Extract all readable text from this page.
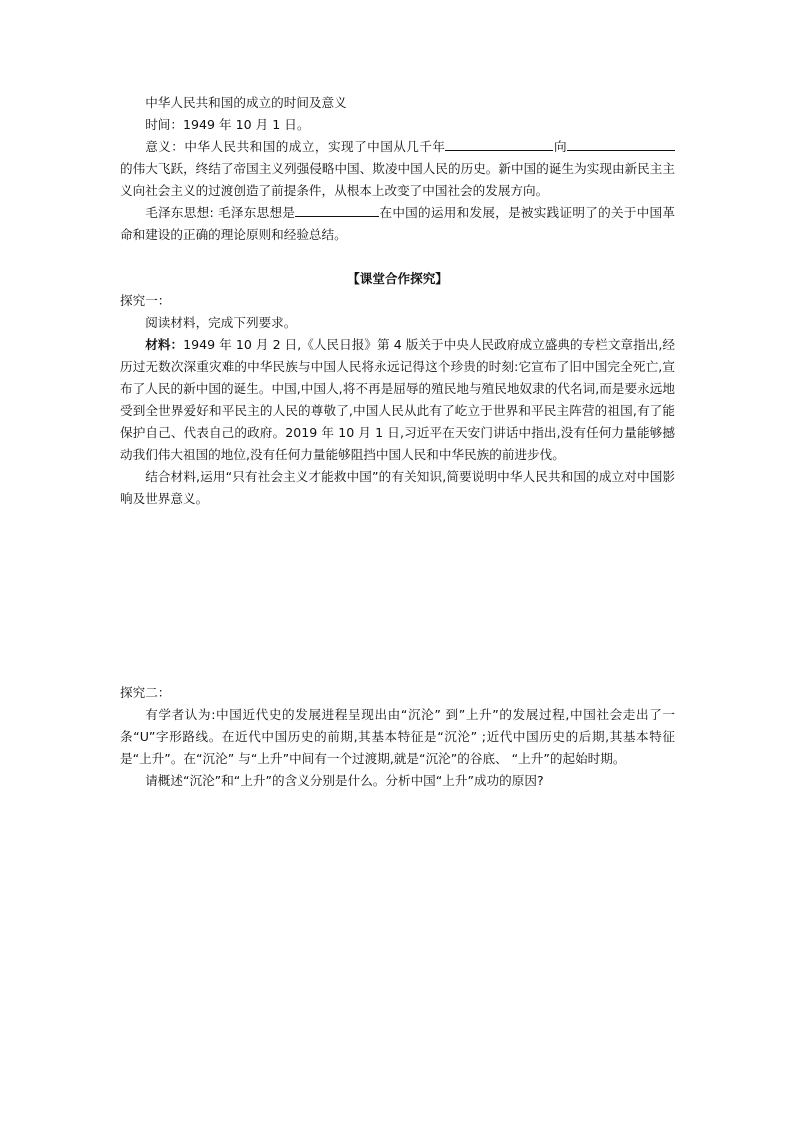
中华人民共和国的成立的时间及意义

时间：1949 年 10 月 1 日。

意义：中华人民共和国的成立，实现了中国从几千年	向的伟大飞跃，终结了帝国主义列强侵略中国、欺凌中国人民的历史。新中国的诞生为实现由新民主主义向社会主义的过渡创造了前提条件，从根本上改变了中国社会的发展方向。

毛泽东思想: 毛泽东思想是	在中国的运用和发展，是被实践证明了的关于中国革命和建设的正确的理论原则和经验总结。

【课堂合作探究】

探究一：

阅读材料，完成下列要求。

材料：1949 年 10 月 2 日,《人民日报》第 4 版关于中央人民政府成立盛典的专栏文章指出,经历过无数次深重灾难的中华民族与中国人民将永远记得这个珍贵的时刻:它宣布了旧中国完全死亡,宣布了人民的新中国的诞生。中国,中国人,将不再是屈辱的殖民地与殖民地奴隶的代名词,而是要永远地受到全世界爱好和平民主的人民的尊敬了,中国人民从此有了屹立于世界和平民主阵营的祖国,有了能保护自己、代表自己的政府。2019 年 10 月 1 日,习近平在天安门讲话中指出,没有任何力量能够撼动我们伟大祖国的地位,没有任何力量能够阻挡中国人民和中华民族的前进步伐。

结合材料,运用“只有社会主义才能救中国”的有关知识,简要说明中华人民共和国的成立对中国影响及世界意义。

探究二：

有学者认为:中国近代史的发展进程呈现出由“沉沦” 到”上升”的发展过程,中国社会走出了一条“U”字形路线。在近代中国历史的前期,其基本特征是“沉沦” ;近代中国历史的后期,其基本特征是“上升”。在“沉沦” 与“上升”中间有一个过渡期,就是“沉沦”的谷底、 “上升”的起始时期。

请概述“沉沦”和“上升”的含义分别是什么。分析中国“上升”成功的原因?
